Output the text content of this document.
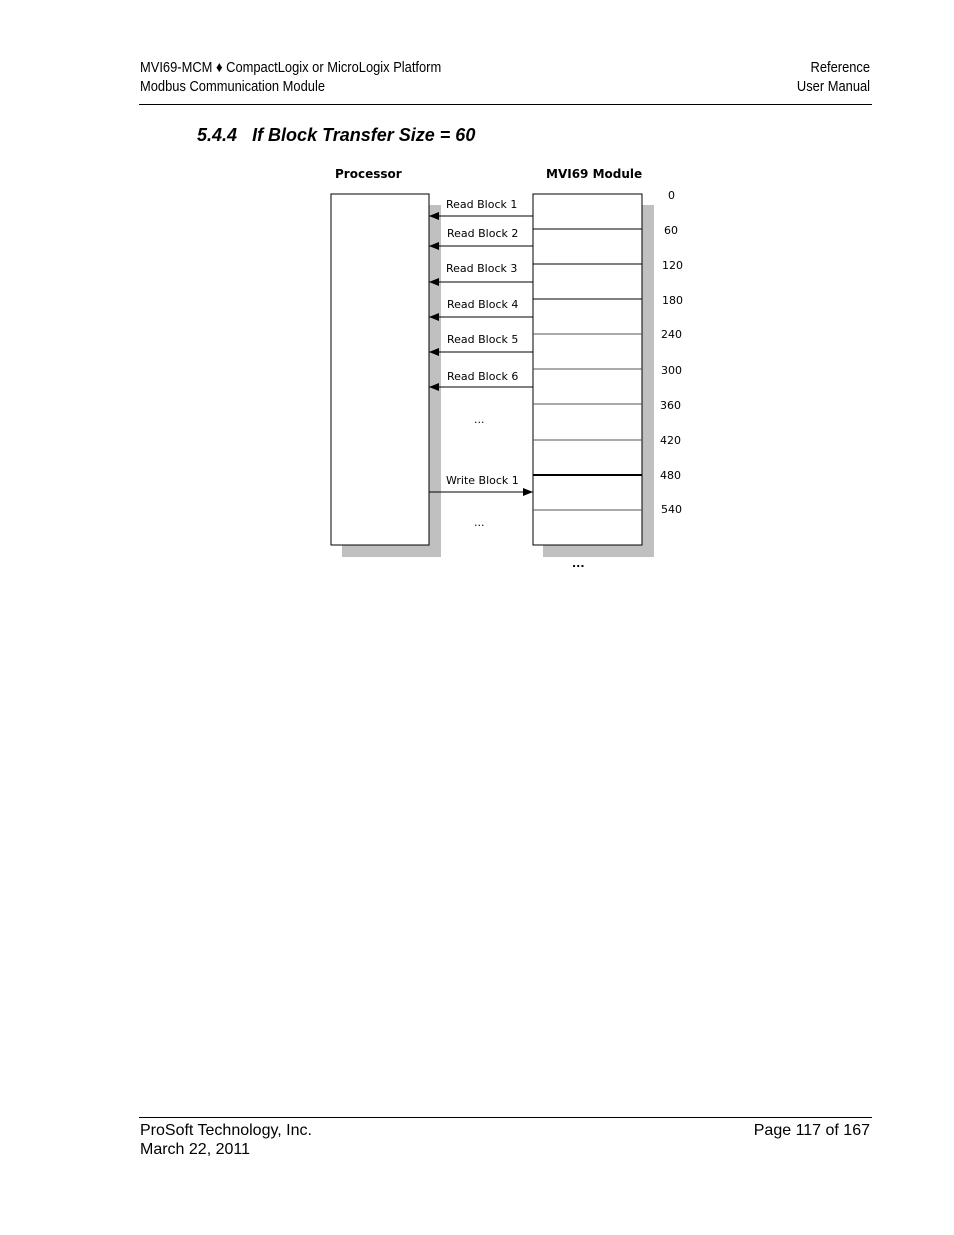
MVI69-MCM ♦ CompactLogix or MicroLogix Platform
Modbus Communication Module
Reference
User Manual
5.4.4 If Block Transfer Size = 60
Processor	MVI69 Module
0
60
120
180
240
300
360
420
480
540
Read Block 1
Read Block 2
Read Block 3
Read Block 4
Read Block 5
Read Block 6
...
Write Block 1
...
...
ProSoft Technology, Inc.
March 22, 2011
Page 117 of 167
